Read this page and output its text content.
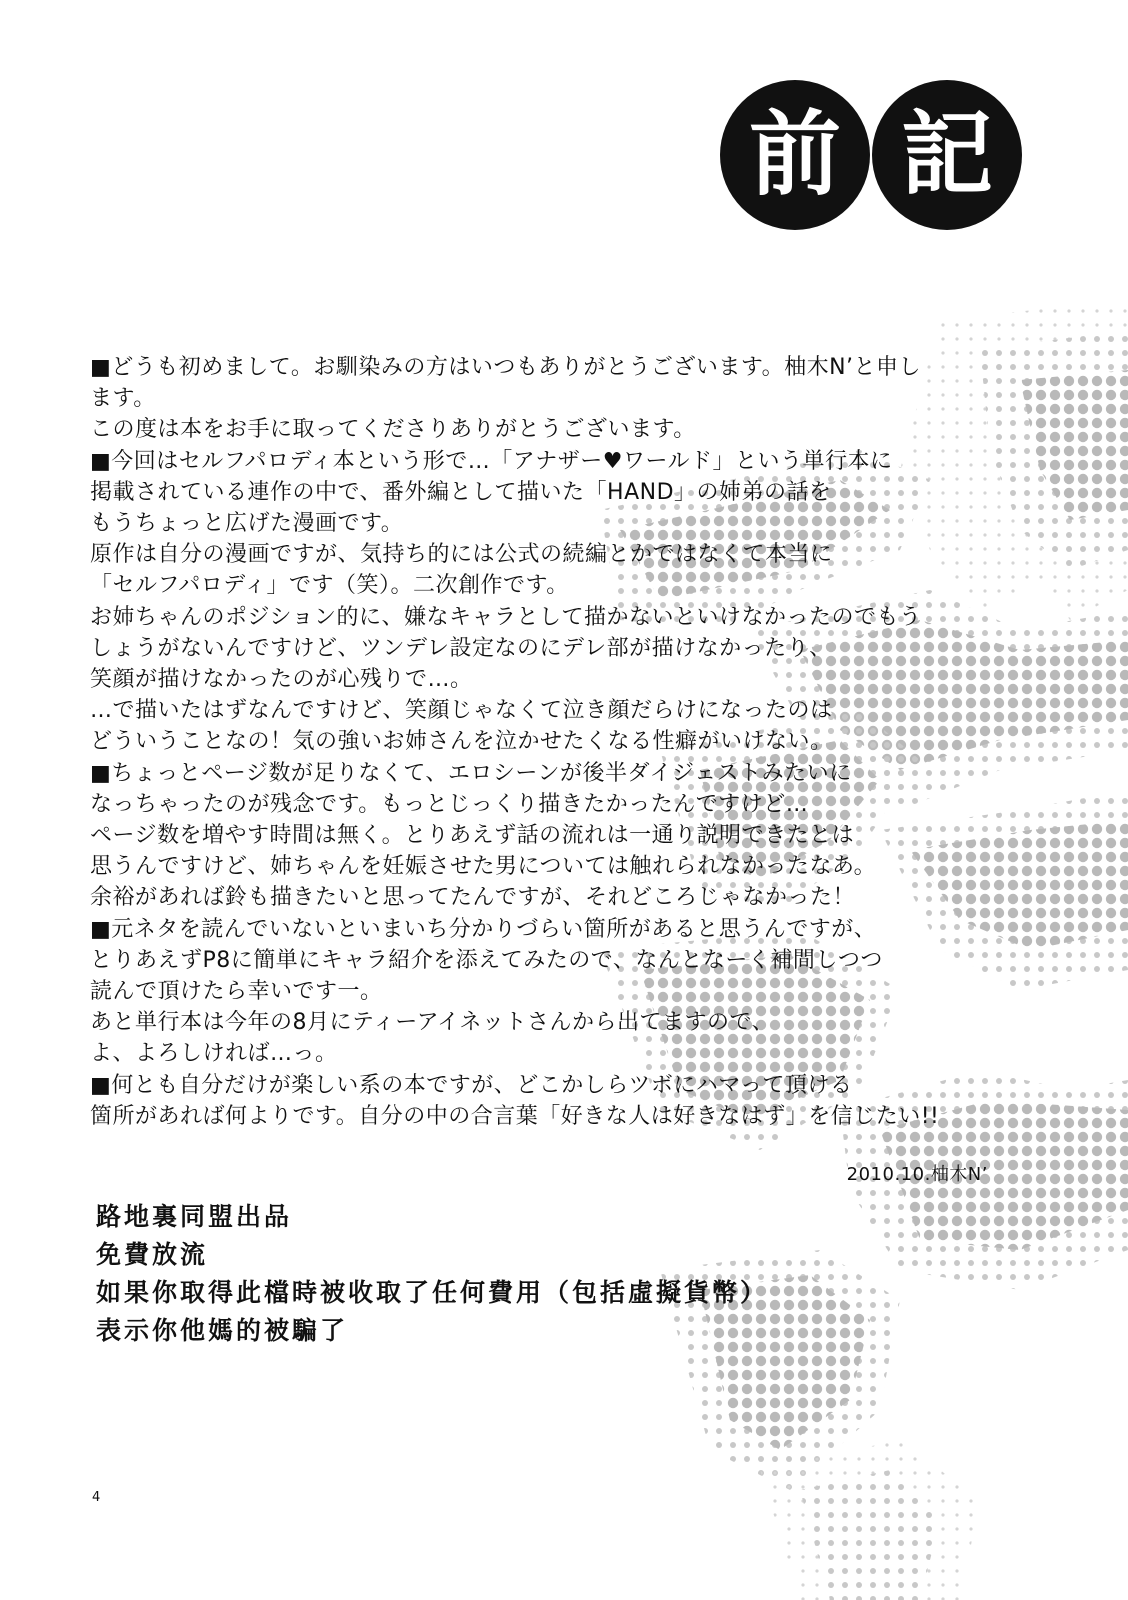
前 記
■どうも初めまして。お馴染みの方はいつもありがとうございます。柚木N’と申し
ます。
この度は本をお手に取ってくださりありがとうございます。
■今回はセルフパロディ本という形で…「アナザー♥ワールド」という単行本に
掲載されている連作の中で、番外編として描いた「HAND」の姉弟の話を
もうちょっと広げた漫画です。
原作は自分の漫画ですが、気持ち的には公式の続編とかではなくて本当に
「セルフパロディ」です（笑）。二次創作です。
お姉ちゃんのポジション的に、嫌なキャラとして描かないといけなかったのでもう
しょうがないんですけど、ツンデレ設定なのにデレ部が描けなかったり、
笑顔が描けなかったのが心残りで…。
…で描いたはずなんですけど、笑顔じゃなくて泣き顔だらけになったのは
どういうことなの！気の強いお姉さんを泣かせたくなる性癖がいけない。
■ちょっとページ数が足りなくて、エロシーンが後半ダイジェストみたいに
なっちゃったのが残念です。もっとじっくり描きたかったんですけど…
ページ数を増やす時間は無く。とりあえず話の流れは一通り説明できたとは
思うんですけど、姉ちゃんを妊娠させた男については触れられなかったなあ。
余裕があれば鈴も描きたいと思ってたんですが、それどころじゃなかった！
■元ネタを読んでいないといまいち分かりづらい箇所があると思うんですが、
とりあえずP8に簡単にキャラ紹介を添えてみたので、なんとなーく補間しつつ
読んで頂けたら幸いです一。
あと単行本は今年の8月にティーアイネットさんから出てますので、
よ、よろしければ…っ。
■何とも自分だけが楽しい系の本ですが、どこかしらツボにハマって頂ける
箇所があれば何よりです。自分の中の合言葉「好きな人は好きなはず」を信じたい!!
2010.10.柚木N’
路地裏同盟出品
免費放流
如果你取得此檔時被收取了任何費用（包括虛擬貨幣）
表示你他媽的被騙了
4
